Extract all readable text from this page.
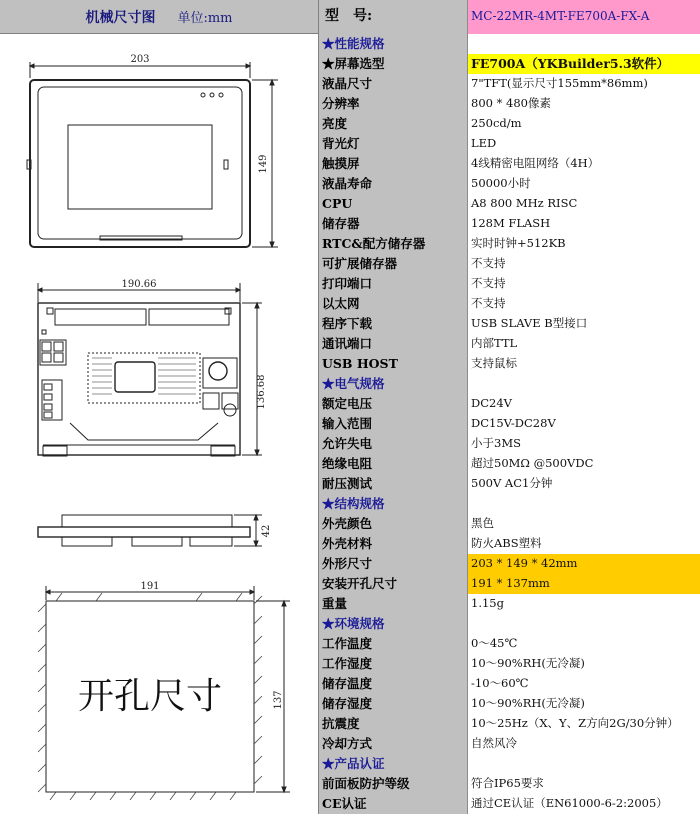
机械尺寸图 单位:mm
203
149
190.66
136.68
42
191
137
开孔尺寸
型　号:	MC-22MR-4MT-FE700A-FX-A
★性能规格
★屏幕选型	FE700A（YKBuilder5.3软件）
液晶尺寸	7"TFT(显示尺寸155mm*86mm)
分辨率	800 * 480像素
亮度	250cd/m
背光灯	LED
触摸屏	4线精密电阻网络（4H）
液晶寿命	50000小时
CPU	A8 800 MHz RISC
储存器	128M FLASH
RTC&配方储存器	实时时钟+512KB
可扩展储存器	不支持
打印端口	不支持
以太网	不支持
程序下载	USB SLAVE B型接口
通讯端口	内部TTL
USB HOST	支持鼠标
★电气规格
额定电压	DC24V
输入范围	DC15V-DC28V
允许失电	小于3MS
绝缘电阻	超过50MΩ @500VDC
耐压测试	500V AC1分钟
★结构规格
外壳颜色	黑色
外壳材料	防火ABS塑料
外形尺寸	203 * 149 * 42mm
安装开孔尺寸	191 * 137mm
重量	1.15g
★环境规格
工作温度	0～45℃
工作湿度	10～90%RH(无冷凝)
储存温度	-10～60℃
储存湿度	10～90%RH(无冷凝)
抗震度	10～25Hz（X、Y、Z方向2G/30分钟）
冷却方式	自然风冷
★产品认证
前面板防护等级	符合IP65要求
CE认证	通过CE认证（EN61000-6-2:2005）
